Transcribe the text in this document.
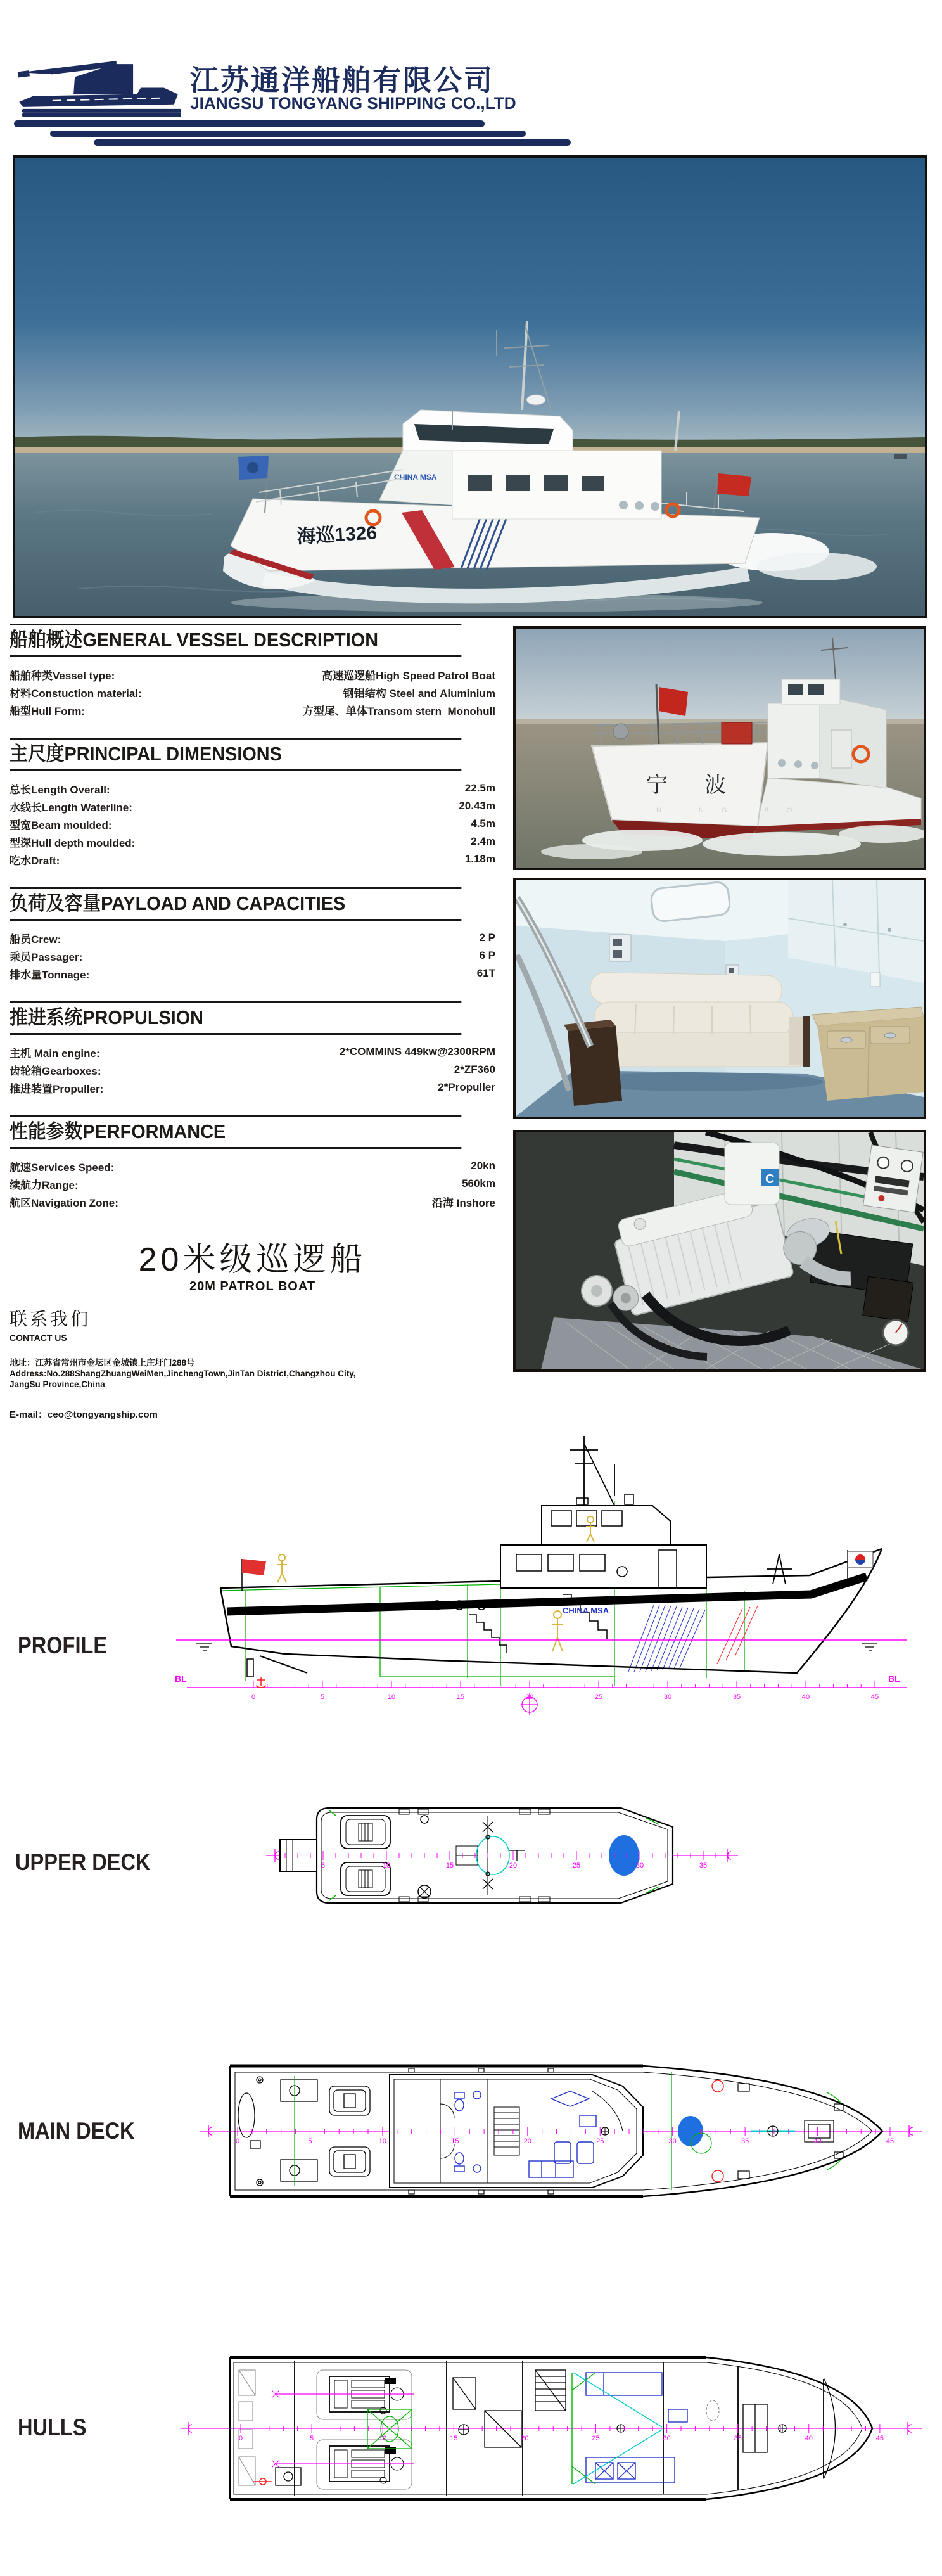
江苏通洋船舶有限公司
JIANGSU TONGYANG SHIPPING CO.,LTD
海巡1326
CHINA MSA
船舶概述GENERAL VESSEL DESCRIPTION
船舶种类Vessel type:	高速巡逻船High Speed Patrol Boat
材料Constuction material:	钢铝结构 Steel and Aluminium
船型Hull Form:	方型尾、单体Transom stern  Monohull
主尺度PRINCIPAL DIMENSIONS
总长Length Overall:	22.5m
水线长Length Waterline:	20.43m
型宽Beam moulded:	4.5m
型深Hull depth moulded:	2.4m
吃水Draft:	1.18m
负荷及容量PAYLOAD AND CAPACITIES
船员Crew:	2 P
乘员Passager:	6 P
排水量Tonnage:	61T
推进系统PROPULSION
主机 Main engine:	2*COMMINS 449kw@2300RPM
齿轮箱Gearboxes:	2*ZF360
推进装置Propuller:	2*Propuller
性能参数PERFORMANCE
航速Services Speed:	20kn
续航力Range:	560km
航区Navigation Zone:	沿海 Inshore
20米级巡逻船
20M PATROL BOAT
联系我们
CONTACT US
地址：江苏省常州市金坛区金城镇上庄圩门288号
Address:No.288ShangZhuangWeiMen,JinchengTown,JinTan District,Changzhou City,
JangSu Province,China
E-mail：ceo@tongyangship.com
宁波
NING BO
C
PROFILE
CHINA MSA
BL	BL
0	5	10	15	20	25	30	35	40	45
UPPER DECK	5	10	15	20	25	30	35
MAIN DECK	0	5	10	15	20	25	30	35	40	45
HULLS	0	5	10	15	20	25	30	35	40	45
